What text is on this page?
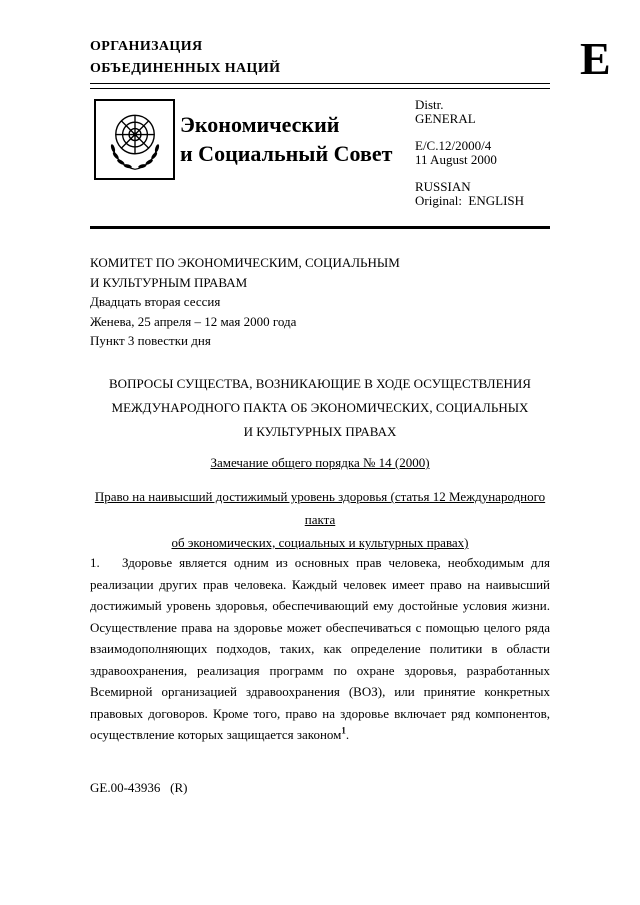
ОРГАНИЗАЦИЯ
ОБЪЕДИНЕННЫХ НАЦИЙ	E
Экономический
и Социальный Совет
Distr.
GENERAL
E/C.12/2000/4
11 August 2000
RUSSIAN
Original:  ENGLISH
КОМИТЕТ ПО ЭКОНОМИЧЕСКИМ, СОЦИАЛЬНЫМ
И КУЛЬТУРНЫМ ПРАВАМ
Двадцать вторая сессия
Женева, 25 апреля – 12 мая 2000 года
Пункт 3 повестки дня
ВОПРОСЫ СУЩЕСТВА, ВОЗНИКАЮЩИЕ В ХОДЕ ОСУЩЕСТВЛЕНИЯ
МЕЖДУНАРОДНОГО ПАКТА ОБ ЭКОНОМИЧЕСКИХ, СОЦИАЛЬНЫХ
И КУЛЬТУРНЫХ ПРАВАХ
Замечание общего порядка № 14 (2000)
Право на наивысший достижимый уровень здоровья (статья 12 Международного пакта
об экономических, социальных и культурных правах)

1. Здоровье является одним из основных прав человека, необходимым для реализации других прав человека. Каждый человек имеет право на наивысший достижимый уровень здоровья, обеспечивающий ему достойные условия жизни. Осуществление права на здоровье может обеспечиваться с помощью целого ряда взаимодополняющих подходов, таких, как определение политики в области здравоохранения, реализация программ по охране здоровья, разработанных Всемирной организацией здравоохранения (ВОЗ), или принятие конкретных правовых договоров. Кроме того, право на здоровье включает ряд компонентов, осуществление которых защищается законом$^1$.

GE.00-43936   (R)
